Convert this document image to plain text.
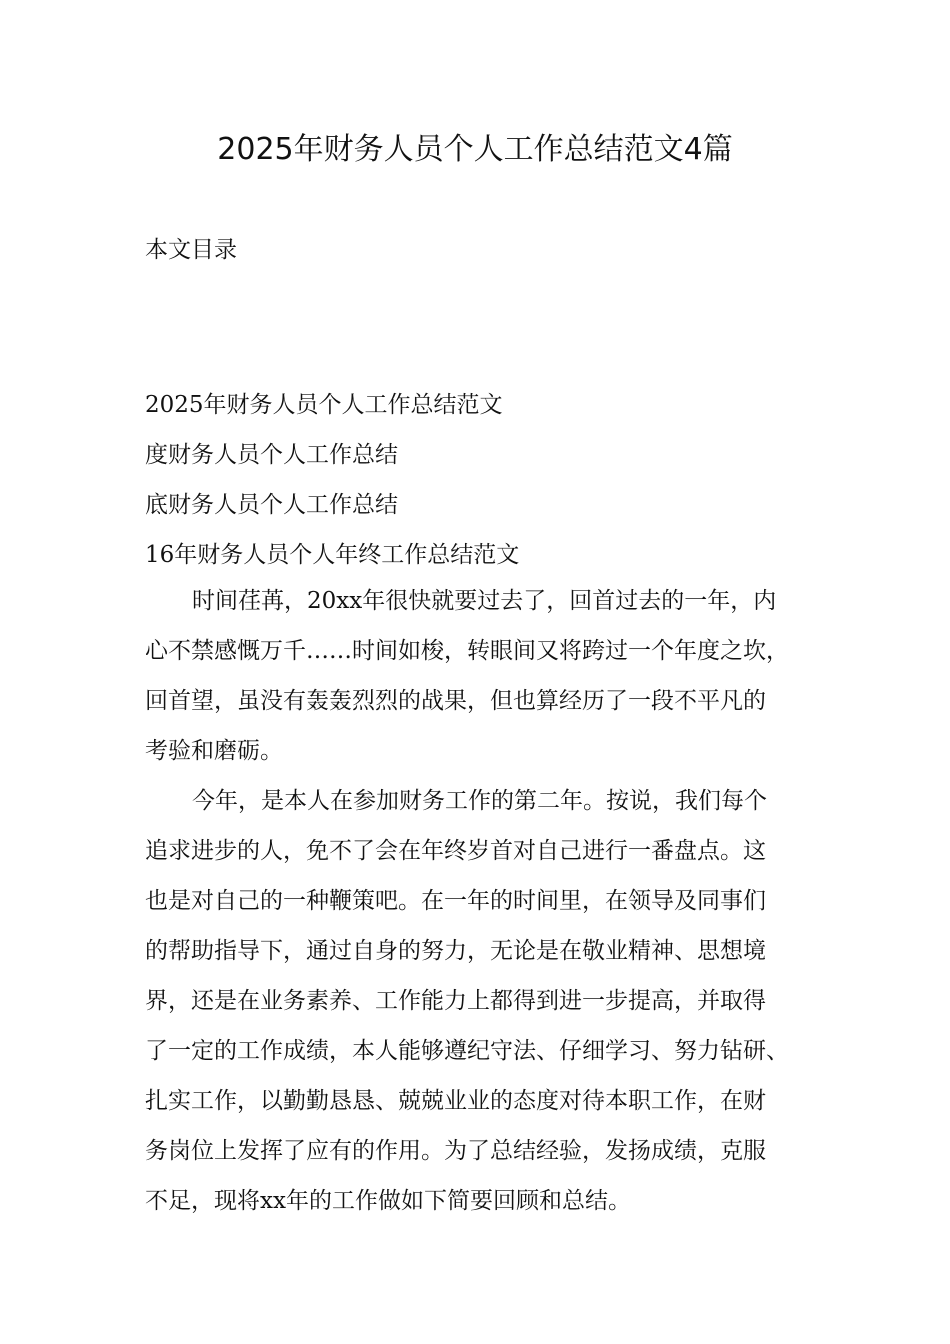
2025年财务人员个人工作总结范文4篇
本文目录
2025年财务人员个人工作总结范文
度财务人员个人工作总结
底财务人员个人工作总结
16年财务人员个人年终工作总结范文
时间荏苒，20xx年很快就要过去了，回首过去的一年，内
心不禁感慨万千……时间如梭，转眼间又将跨过一个年度之坎，
回首望，虽没有轰轰烈烈的战果，但也算经历了一段不平凡的
考验和磨砺。
今年，是本人在参加财务工作的第二年。按说，我们每个
追求进步的人，免不了会在年终岁首对自己进行一番盘点。这
也是对自己的一种鞭策吧。在一年的时间里，在领导及同事们
的帮助指导下，通过自身的努力，无论是在敬业精神、思想境
界，还是在业务素养、工作能力上都得到进一步提高，并取得
了一定的工作成绩，本人能够遵纪守法、仔细学习、努力钻研、
扎实工作，以勤勤恳恳、兢兢业业的态度对待本职工作，在财
务岗位上发挥了应有的作用。为了总结经验，发扬成绩，克服
不足，现将xx年的工作做如下简要回顾和总结。
